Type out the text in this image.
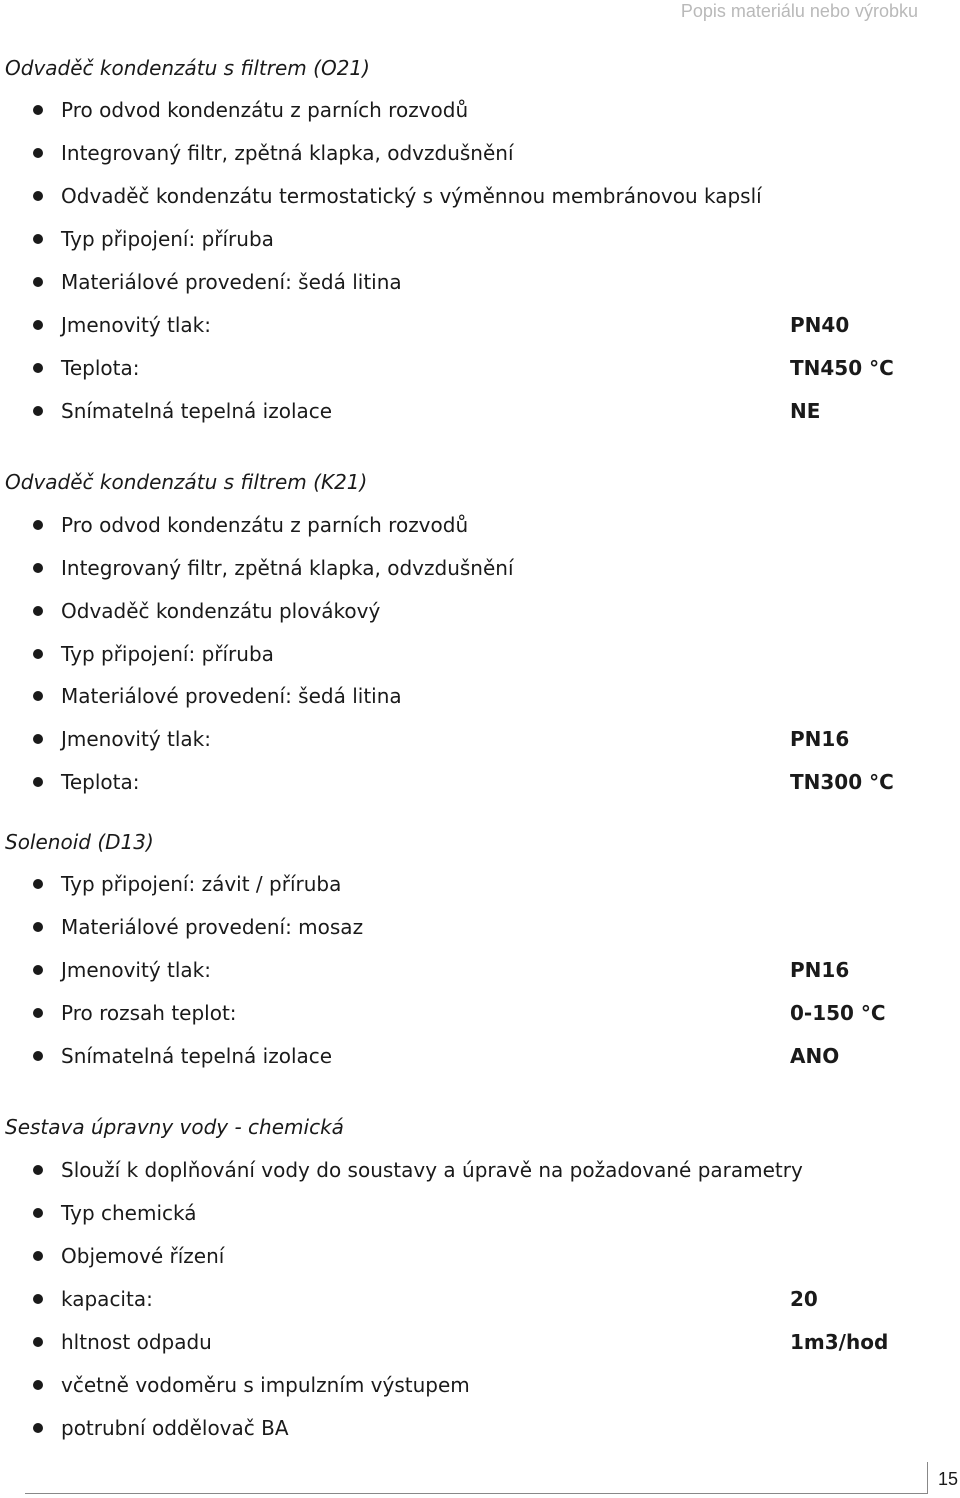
Popis materiálu nebo výrobku
Odvaděč kondenzátu s filtrem (O21)
Pro odvod kondenzátu z parních rozvodů
Integrovaný filtr, zpětná klapka, odvzdušnění
Odvaděč kondenzátu termostatický s výměnnou membránovou kapslí
Typ připojení: příruba
Materiálové provedení: šedá litina
Jmenovitý tlak:	PN40
Teplota:	TN450 °C
Snímatelná tepelná izolace	NE
Odvaděč kondenzátu s filtrem (K21)
Pro odvod kondenzátu z parních rozvodů
Integrovaný filtr, zpětná klapka, odvzdušnění
Odvaděč kondenzátu plovákový
Typ připojení: příruba
Materiálové provedení: šedá litina
Jmenovitý tlak:	PN16
Teplota:	TN300 °C
Solenoid (D13)
Typ připojení: závit / příruba
Materiálové provedení: mosaz
Jmenovitý tlak:	PN16
Pro rozsah teplot:	0-150 °C
Snímatelná tepelná izolace	ANO
Sestava úpravny vody - chemická
Slouží k doplňování vody do soustavy a úpravě na požadované parametry
Typ chemická
Objemové řízení
kapacita:	20
hltnost odpadu	1m3/hod
včetně vodoměru s impulzním výstupem
potrubní oddělovač BA
15
